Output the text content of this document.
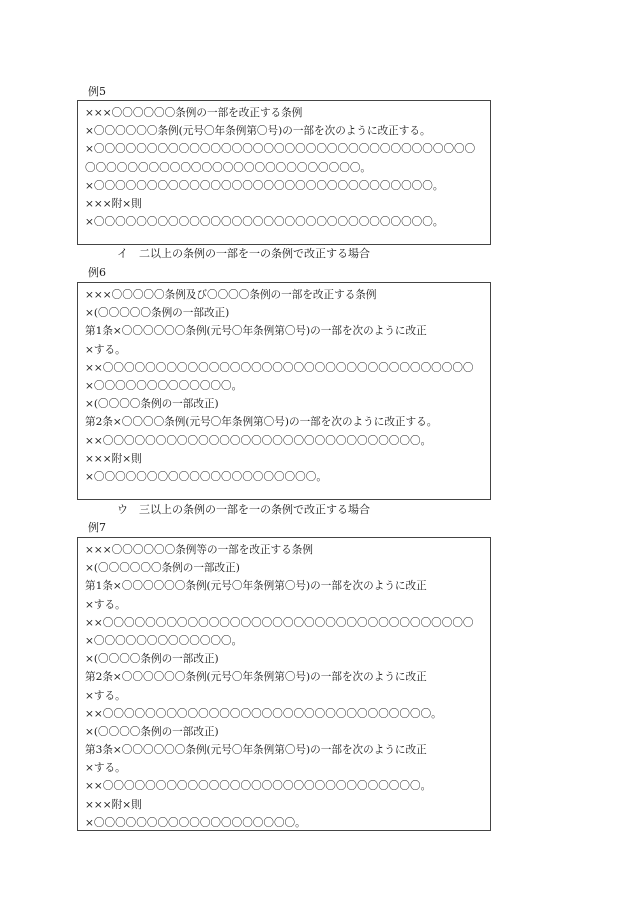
例5
×××〇〇〇〇〇〇条例の一部を改正する条例
×〇〇〇〇〇〇条例(元号〇年条例第〇号)の一部を次のように改正する。
×〇〇〇〇〇〇〇〇〇〇〇〇〇〇〇〇〇〇〇〇〇〇〇〇〇〇〇〇〇〇〇〇〇〇〇〇
〇〇〇〇〇〇〇〇〇〇〇〇〇〇〇〇〇〇〇〇〇〇〇〇〇〇。
×〇〇〇〇〇〇〇〇〇〇〇〇〇〇〇〇〇〇〇〇〇〇〇〇〇〇〇〇〇〇〇〇。
×××附×則
×〇〇〇〇〇〇〇〇〇〇〇〇〇〇〇〇〇〇〇〇〇〇〇〇〇〇〇〇〇〇〇〇。
イ　二以上の条例の一部を一の条例で改正する場合
例6
×××〇〇〇〇〇条例及び〇〇〇〇条例の一部を改正する条例
×(〇〇〇〇〇条例の一部改正)
第1条×〇〇〇〇〇〇条例(元号〇年条例第〇号)の一部を次のように改正
×する。
××〇〇〇〇〇〇〇〇〇〇〇〇〇〇〇〇〇〇〇〇〇〇〇〇〇〇〇〇〇〇〇〇〇〇〇
×〇〇〇〇〇〇〇〇〇〇〇〇〇。
×(〇〇〇〇条例の一部改正)
第2条×〇〇〇〇条例(元号〇年条例第〇号)の一部を次のように改正する。
××〇〇〇〇〇〇〇〇〇〇〇〇〇〇〇〇〇〇〇〇〇〇〇〇〇〇〇〇〇〇。
×××附×則
×〇〇〇〇〇〇〇〇〇〇〇〇〇〇〇〇〇〇〇〇〇。
ウ　三以上の条例の一部を一の条例で改正する場合
例7
×××〇〇〇〇〇〇条例等の一部を改正する条例
×(〇〇〇〇〇〇条例の一部改正)
第1条×〇〇〇〇〇〇条例(元号〇年条例第〇号)の一部を次のように改正
×する。
××〇〇〇〇〇〇〇〇〇〇〇〇〇〇〇〇〇〇〇〇〇〇〇〇〇〇〇〇〇〇〇〇〇〇〇
×〇〇〇〇〇〇〇〇〇〇〇〇〇。
×(〇〇〇〇条例の一部改正)
第2条×〇〇〇〇〇〇条例(元号〇年条例第〇号)の一部を次のように改正
×する。
××〇〇〇〇〇〇〇〇〇〇〇〇〇〇〇〇〇〇〇〇〇〇〇〇〇〇〇〇〇〇〇。
×(〇〇〇〇条例の一部改正)
第3条×〇〇〇〇〇〇条例(元号〇年条例第〇号)の一部を次のように改正
×する。
××〇〇〇〇〇〇〇〇〇〇〇〇〇〇〇〇〇〇〇〇〇〇〇〇〇〇〇〇〇〇。
×××附×則
×〇〇〇〇〇〇〇〇〇〇〇〇〇〇〇〇〇〇〇。
